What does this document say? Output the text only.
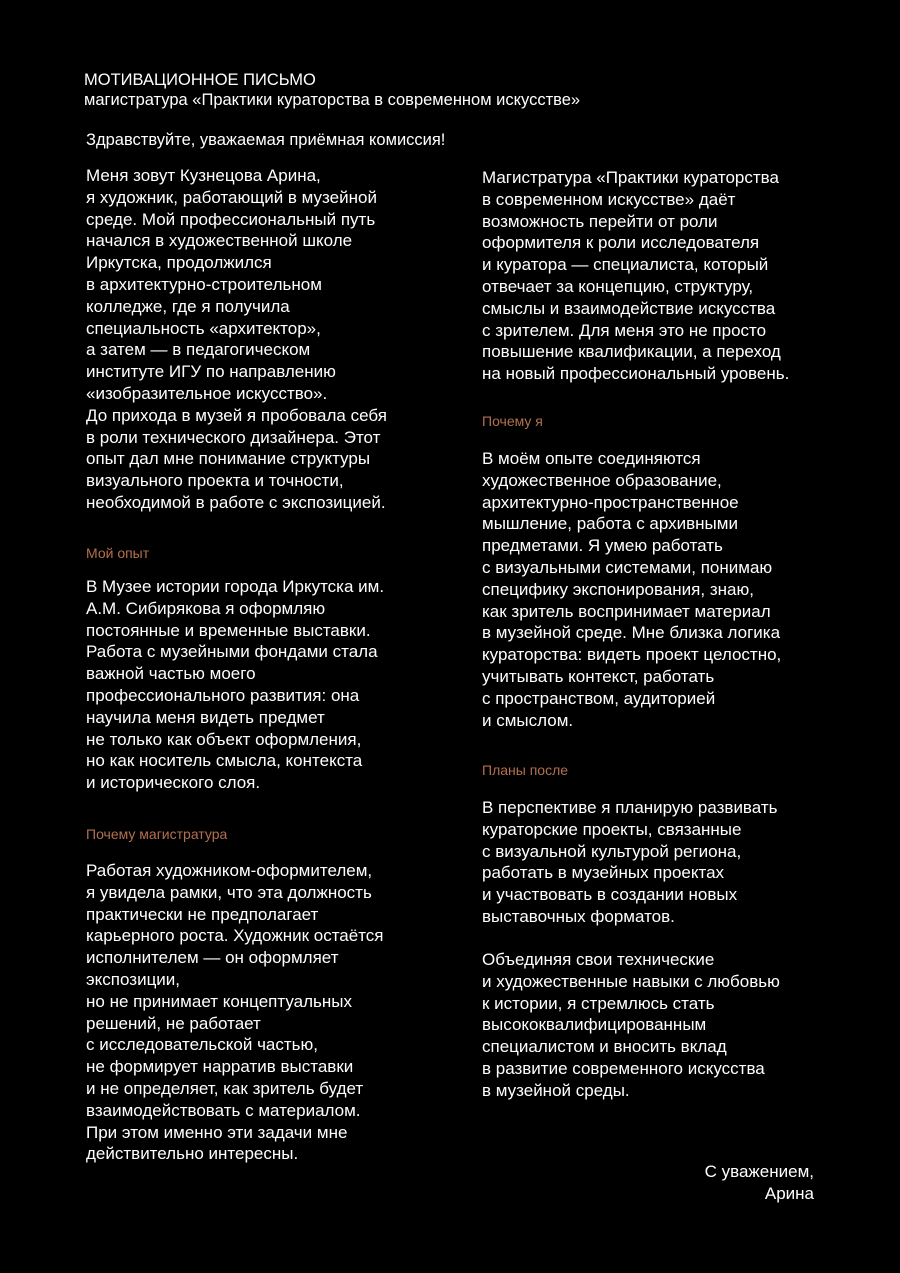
МОТИВАЦИОННОЕ ПИСЬМО
магистратура «Практики кураторства в современном искусстве»
Здравствуйте, уважаемая приёмная комиссия!
Меня зовут Кузнецова Арина,
я художник, работающий в музейной
среде. Мой профессиональный путь
начался в художественной школе
Иркутска, продолжился
в архитектурно-строительном
колледже, где я получила
специальность «архитектор»,
а затем — в педагогическом
институте ИГУ по направлению
«изобразительное искусство».
До прихода в музей я пробовала себя
в роли технического дизайнера. Этот
опыт дал мне понимание структуры
визуального проекта и точности,
необходимой в работе с экспозицией.
Мой опыт
В Музее истории города Иркутска им.
А.М. Сибирякова я оформляю
постоянные и временные выставки.
Работа с музейными фондами стала
важной частью моего
профессионального развития: она
научила меня видеть предмет
не только как объект оформления,
но как носитель смысла, контекста
и исторического слоя.
Почему магистратура
Работая художником-оформителем,
я увидела рамки, что эта должность
практически не предполагает
карьерного роста. Художник остаётся
исполнителем — он оформляет
экспозиции,
но не принимает концептуальных
решений, не работает
с исследовательской частью,
не формирует нарратив выставки
и не определяет, как зритель будет
взаимодействовать с материалом.
При этом именно эти задачи мне
действительно интересны.
Магистратура «Практики кураторства
в современном искусстве» даёт
возможность перейти от роли
оформителя к роли исследователя
и куратора — специалиста, который
отвечает за концепцию, структуру,
смыслы и взаимодействие искусства
с зрителем. Для меня это не просто
повышение квалификации, а переход
на новый профессиональный уровень.
Почему я
В моём опыте соединяются
художественное образование,
архитектурно-пространственное
мышление, работа с архивными
предметами. Я умею работать
с визуальными системами, понимаю
специфику экспонирования, знаю,
как зритель воспринимает материал
в музейной среде. Мне близка логика
кураторства: видеть проект целостно,
учитывать контекст, работать
с пространством, аудиторией
и смыслом.
Планы после
В перспективе я планирую развивать
кураторские проекты, связанные
с визуальной культурой региона,
работать в музейных проектах
и участвовать в создании новых
выставочных форматов.
Объединяя свои технические
и художественные навыки с любовью
к истории, я стремлюсь стать
высококвалифицированным
специалистом и вносить вклад
в развитие современного искусства
в музейной среды.
С уважением,
Арина
